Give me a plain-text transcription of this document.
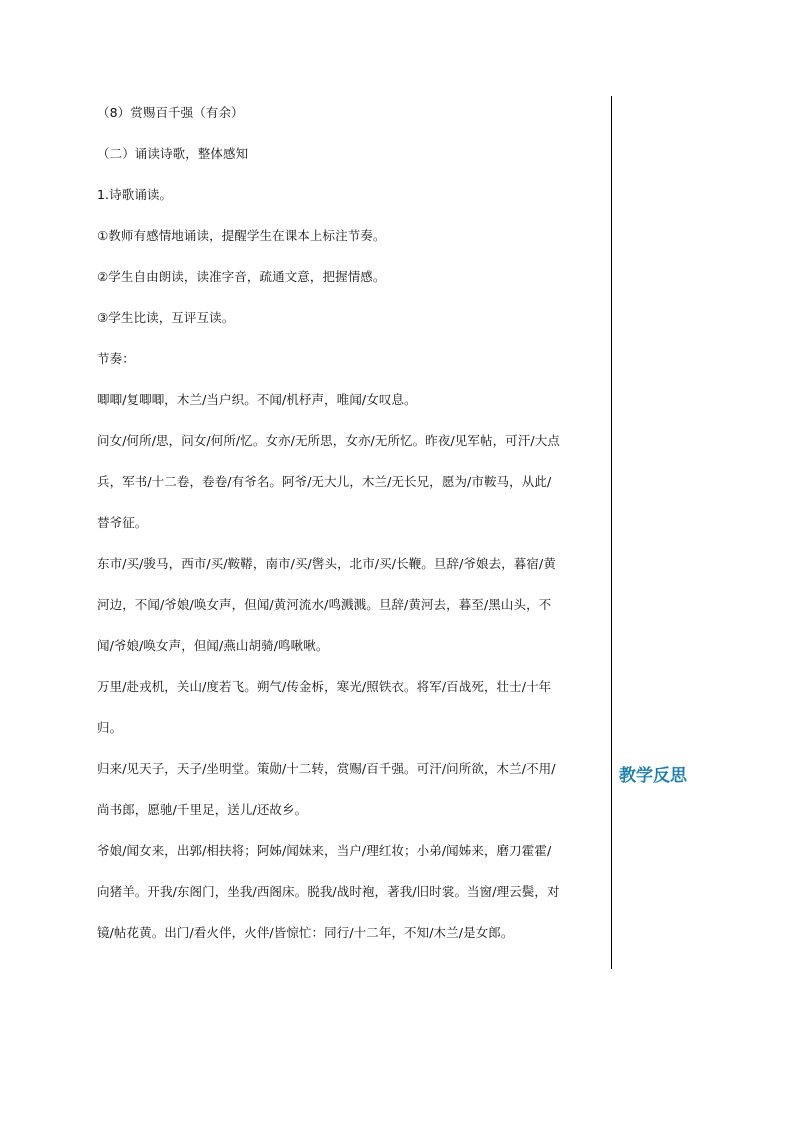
（8）赏赐百千强（有余）
（二）诵读诗歌，整体感知
1.诗歌诵读。
①教师有感情地诵读，提醒学生在课本上标注节奏。
②学生自由朗读，读准字音，疏通文意，把握情感。
③学生比读，互评互读。
节奏：
唧唧/复唧唧，木兰/当户织。不闻/机杼声，唯闻/女叹息。
问女/何所/思，问女/何所/忆。女亦/无所思，女亦/无所忆。昨夜/见军帖，可汗/大点
兵，军书/十二卷，卷卷/有爷名。阿爷/无大儿，木兰/无长兄，愿为/市鞍马，从此/
替爷征。
东市/买/骏马，西市/买/鞍鞯，南市/买/辔头，北市/买/长鞭。旦辞/爷娘去，暮宿/黄
河边，不闻/爷娘/唤女声，但闻/黄河流水/鸣溅溅。旦辞/黄河去，暮至/黑山头，不
闻/爷娘/唤女声，但闻/燕山胡骑/鸣啾啾。
万里/赴戎机，关山/度若飞。朔气/传金柝，寒光/照铁衣。将军/百战死，壮士/十年
归。
归来/见天子，天子/坐明堂。策勋/十二转，赏赐/百千强。可汗/问所欲，木兰/不用/
尚书郎，愿驰/千里足，送儿/还故乡。
爷娘/闻女来，出郭/相扶将；阿姊/闻妹来，当户/理红妆；小弟/闻姊来，磨刀霍霍/
向猪羊。开我/东阁门，坐我/西阁床。脱我/战时袍，著我/旧时裳。当窗/理云鬓，对
镜/帖花黄。出门/看火伴，火伴/皆惊忙：同行/十二年，不知/木兰/是女郎。
教学反思
